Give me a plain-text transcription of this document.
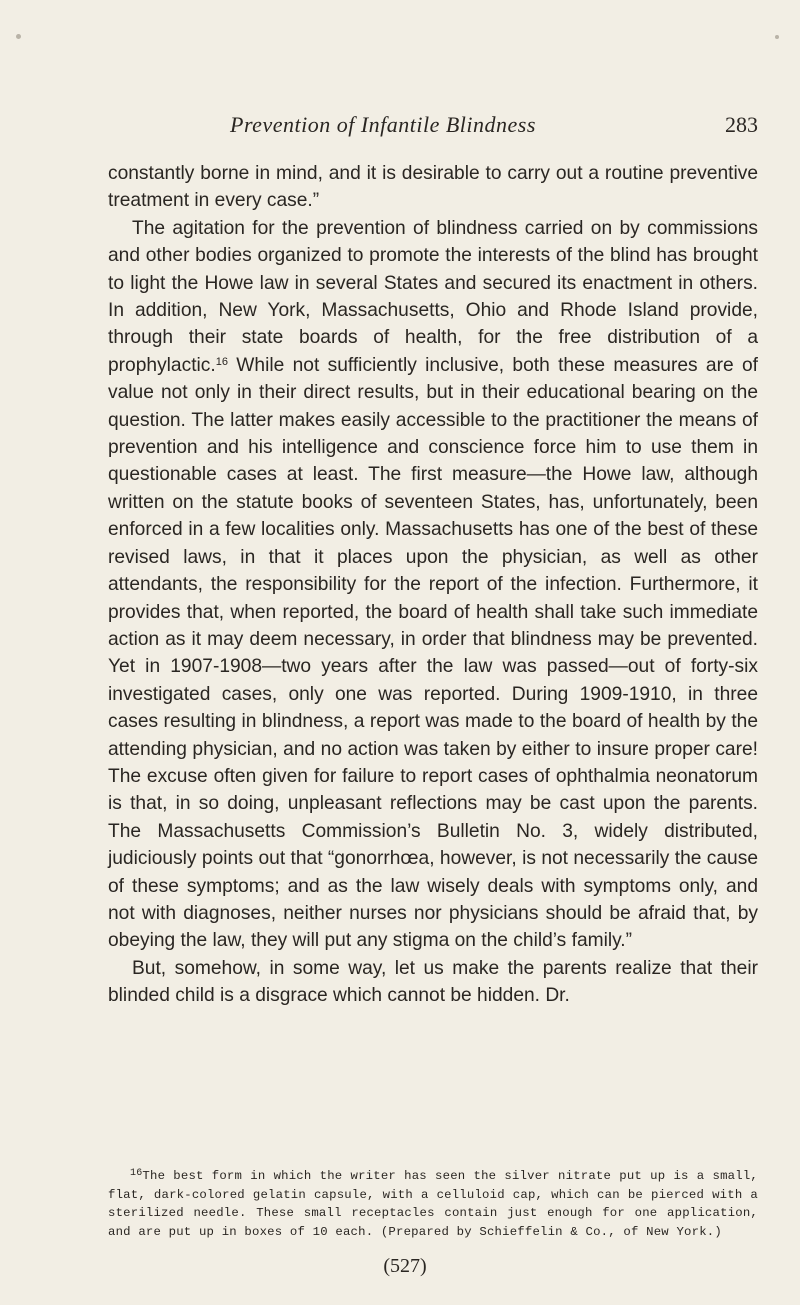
Prevention of Infantile Blindness	283

constantly borne in mind, and it is desirable to carry out a routine preventive treatment in every case.”

The agitation for the prevention of blindness carried on by commissions and other bodies organized to promote the interests of the blind has brought to light the Howe law in several States and secured its enactment in others. In addition, New York, Massachusetts, Ohio and Rhode Island provide, through their state boards of health, for the free distribution of a prophylactic.$^{16}$ While not sufficiently inclusive, both these measures are of value not only in their direct results, but in their educational bearing on the question. The latter makes easily accessible to the practitioner the means of prevention and his intelligence and conscience force him to use them in questionable cases at least. The first measure—the Howe law, although written on the statute books of seventeen States, has, unfortunately, been enforced in a few localities only. Massachusetts has one of the best of these revised laws, in that it places upon the physician, as well as other attendants, the responsibility for the report of the infection. Furthermore, it provides that, when reported, the board of health shall take such immediate action as it may deem necessary, in order that blindness may be prevented. Yet in 1907-1908—two years after the law was passed—out of forty-six investigated cases, only one was reported. During 1909-1910, in three cases resulting in blindness, a report was made to the board of health by the attending physician, and no action was taken by either to insure proper care! The excuse often given for failure to report cases of ophthalmia neonatorum is that, in so doing, unpleasant reflections may be cast upon the parents. The Massachusetts Commission’s Bulletin No. 3, widely distributed, judiciously points out that “gonorrhœa, however, is not necessarily the cause of these symptoms; and as the law wisely deals with symptoms only, and not with diagnoses, neither nurses nor physicians should be afraid that, by obeying the law, they will put any stigma on the child’s family.”

But, somehow, in some way, let us make the parents realize that their blinded child is a disgrace which cannot be hidden. Dr.

$^{16}$The best form in which the writer has seen the silver nitrate put up is a small, flat, dark-colored gelatin capsule, with a celluloid cap, which can be pierced with a sterilized needle. These small receptacles contain just enough for one application, and are put up in boxes of 10 each. (Prepared by Schieffelin & Co., of New York.)

(527)
